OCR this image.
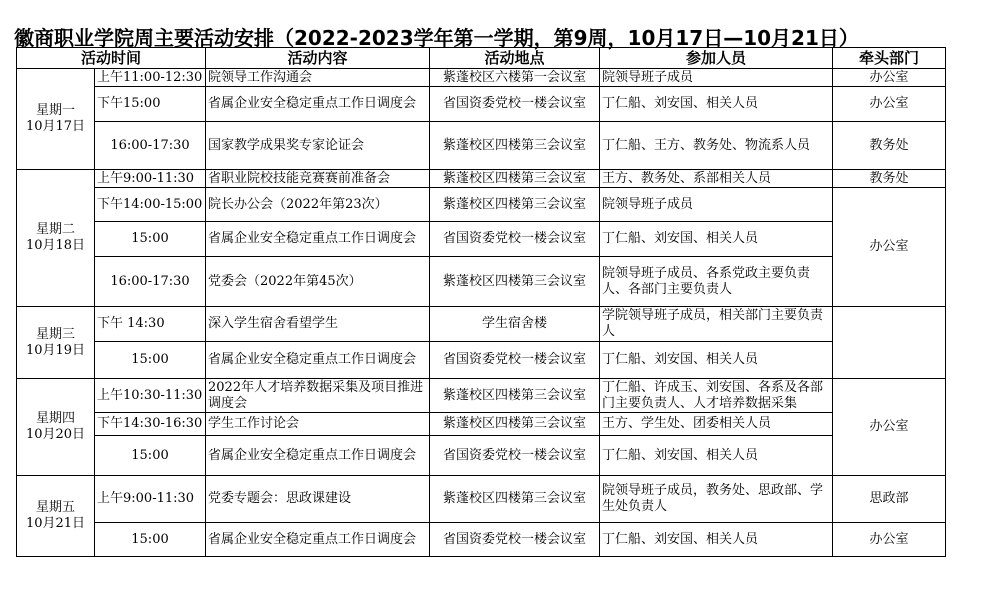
徽商职业学院周主要活动安排（2022-2023学年第一学期，第9周，10月17日—10月21日）
活动时间		活动内容	活动地点	参加人员	牵头部门

星期一
10月17日	上午11:00-12:30	院领导工作沟通会	紫蓬校区六楼第一会议室	院领导班子成员	办公室
	下午15:00	省属企业安全稳定重点工作日调度会	省国资委党校一楼会议室	丁仁船、刘安国、相关人员	办公室
	16:00-17:30	国家教学成果奖专家论证会	紫蓬校区四楼第三会议室	丁仁船、王方、教务处、物流系人员	教务处

星期二
10月18日	上午9:00-11:30	省职业院校技能竞赛赛前准备会	紫蓬校区四楼第三会议室	王方、教务处、系部相关人员	教务处
	下午14:00-15:00	院长办公会（2022年第23次）	紫蓬校区四楼第三会议室	院领导班子成员	办公室
	15:00	省属企业安全稳定重点工作日调度会	省国资委党校一楼会议室	丁仁船、刘安国、相关人员	
	16:00-17:30	党委会（2022年第45次）	紫蓬校区四楼第三会议室	院领导班子成员、各系党政主要负责人、各部门主要负责人	

星期三
10月19日	下午 14:30	深入学生宿舍看望学生	学生宿舍楼	学院领导班子成员，相关部门主要负责人	
	15:00	省属企业安全稳定重点工作日调度会	省国资委党校一楼会议室	丁仁船、刘安国、相关人员	

星期四
10月20日	上午10:30-11:30	2022年人才培养数据采集及项目推进调度会	紫蓬校区四楼第三会议室	丁仁船、许成玉、刘安国、各系及各部门主要负责人、人才培养数据采集	办公室
	下午14:30-16:30	学生工作讨论会	紫蓬校区四楼第三会议室	王方、学生处、团委相关人员	
	15:00	省属企业安全稳定重点工作日调度会	省国资委党校一楼会议室	丁仁船、刘安国、相关人员	

星期五
10月21日	上午9:00-11:30	党委专题会：思政课建设	紫蓬校区四楼第三会议室	院领导班子成员，教务处、思政部、学生处负责人	思政部
	15:00	省属企业安全稳定重点工作日调度会	省国资委党校一楼会议室	丁仁船、刘安国、相关人员	办公室
